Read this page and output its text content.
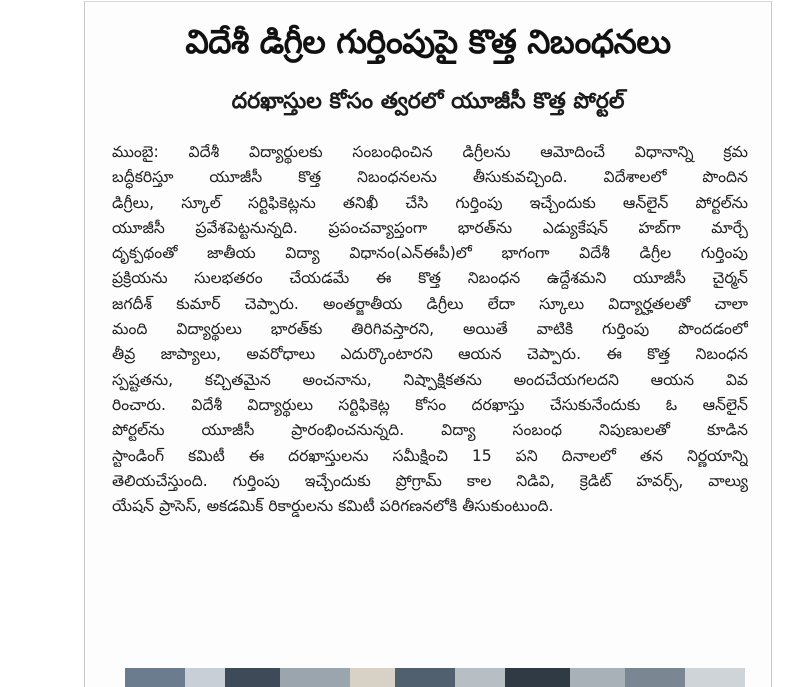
విదేశీ డిగ్రీల గుర్తింపుపై కొత్త నిబంధనలు
దరఖాస్తుల కోసం త్వరలో యూజీసీ కొత్త పోర్టల్
ముంబై: విదేశీ విద్యార్థులకు సంబంధించిన డిగ్రీలను ఆమోదించే విధానాన్ని క్రమ
బద్ధీకరిస్తూ యూజీసీ కొత్త నిబంధనలను తీసుకువచ్చింది. విదేశాలలో పొందిన
డిగ్రీలు, స్కూల్ సర్టిఫికెట్లను తనిఖీ చేసి గుర్తింపు ఇచ్చేందుకు ఆన్‌లైన్ పోర్టల్‌ను
యూజీసీ ప్రవేశపెట్టనున్నది. ప్రపంచవ్యాప్తంగా భారత్‌ను ఎడ్యుకేషన్ హబ్‌గా మార్చే
దృక్పథంతో జాతీయ విద్యా విధానం(ఎన్‌ఈపీ)లో భాగంగా విదేశీ డిగ్రీల గుర్తింపు
ప్రక్రియను సులభతరం చేయడమే ఈ కొత్త నిబంధన ఉద్దేశమని యూజీసీ చైర్మన్
జగదీశ్ కుమార్ చెప్పారు. అంతర్జాతీయ డిగ్రీలు లేదా స్కూలు విద్యార్హతలతో చాలా
మంది విద్యార్థులు భారత్‌కు తిరిగివస్తారని, అయితే వాటికి గుర్తింపు పొందడంలో
తీవ్ర జాప్యాలు, అవరోధాలు ఎదుర్కొంటారని ఆయన చెప్పారు. ఈ కొత్త నిబంధన
స్పష్టతను, కచ్చితమైన అంచనాను, నిష్పాక్షికతను అందచేయగలదని ఆయన వివ
రించారు. విదేశీ విద్యార్థులు సర్టిఫికెట్ల కోసం దరఖాస్తు చేసుకునేందుకు ఓ ఆన్‌లైన్
పోర్టల్‌ను యూజీసీ ప్రారంభించనున్నది. విద్యా సంబంధ నిపుణులతో కూడిన
స్టాండింగ్ కమిటీ ఈ దరఖాస్తులను సమీక్షించి 15 పని దినాలలో తన నిర్ణయాన్ని
తెలియచేస్తుంది. గుర్తింపు ఇచ్చేందుకు ప్రోగ్రామ్ కాల నిడివి, క్రెడిట్ హవర్స్, వాల్యు
యేషన్ ప్రాసెస్, అకడమిక్ రికార్డులను కమిటీ పరిగణనలోకి తీసుకుంటుంది.
